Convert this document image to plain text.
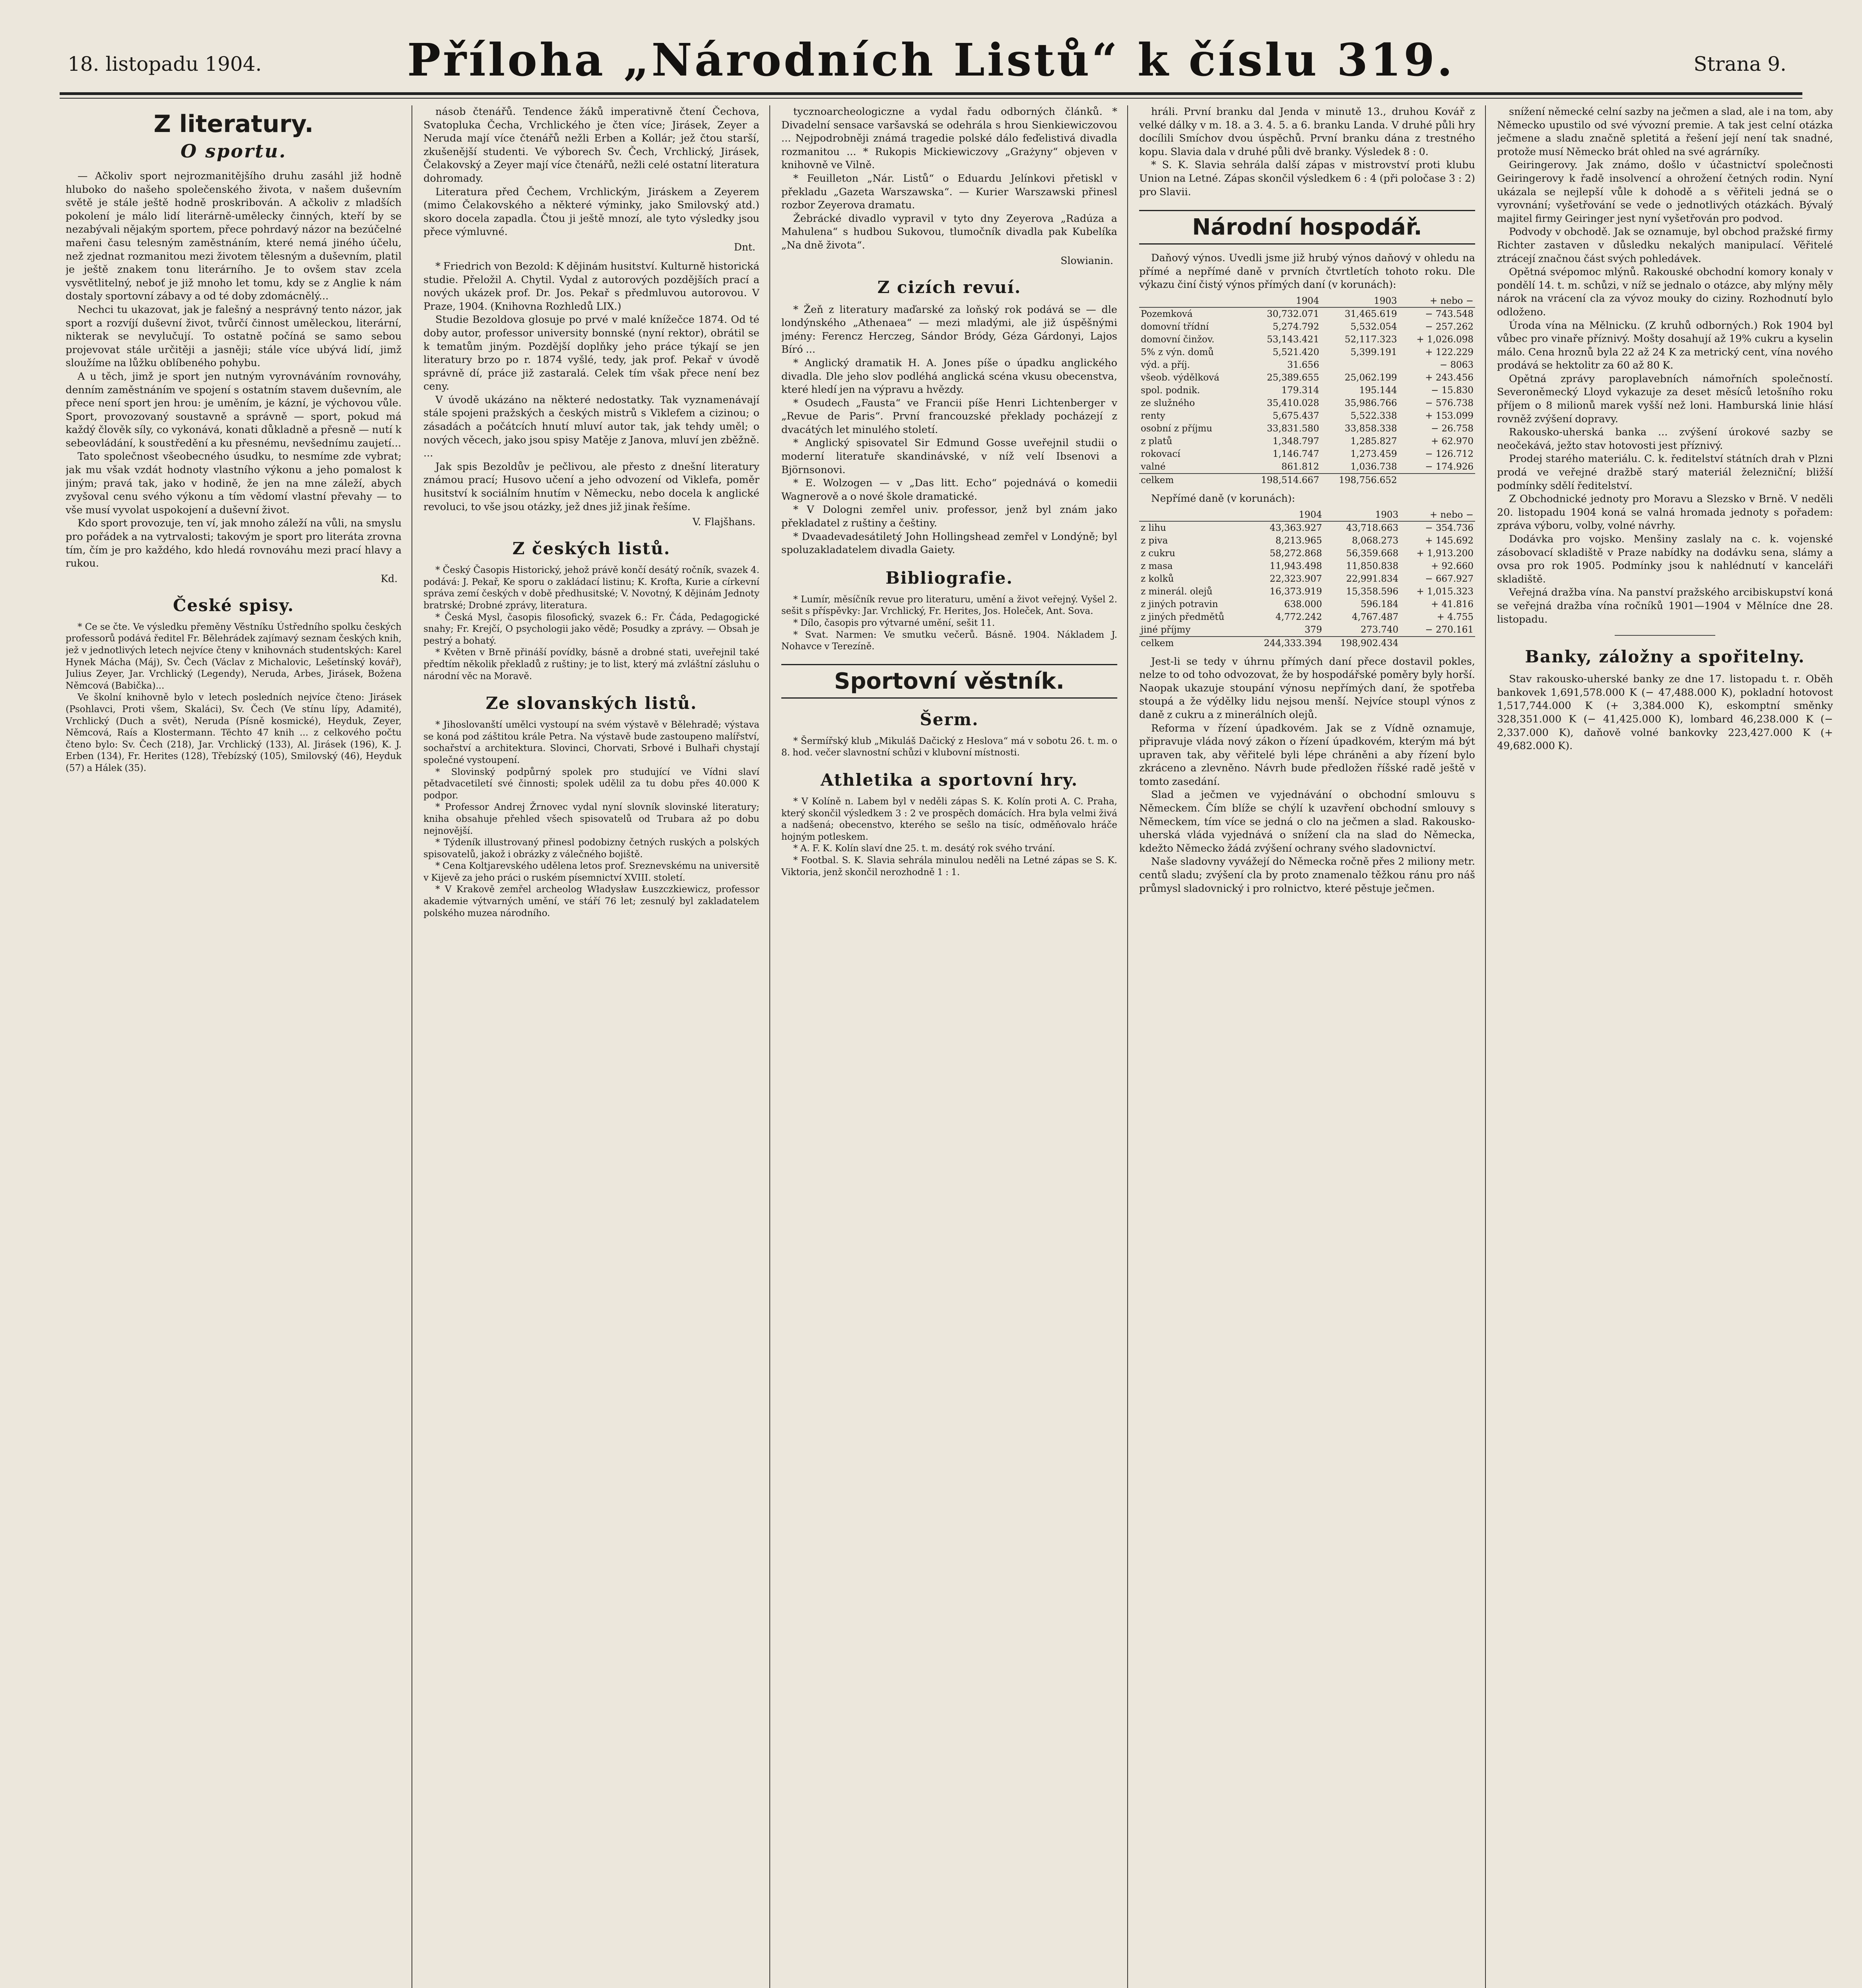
18. listopadu 1904.	Příloha „Národních Listů“ k číslu 319.	Strana 9.
Z literatury.
O sportu.

— Ačkoliv sport nejrozmanitějšího druhu zasáhl již hodně hluboko do našeho společenského života, v našem duševním světě je stále ještě hodně proskribován. A ačkoliv z mladších pokolení je málo lidí literárně-umělecky činných, kteří by se nezabývali nějakým sportem, přece pohrdavý názor na bezúčelné mařeni času telesným zaměstnáním, které nemá jiného účelu, než zjednat rozmanitou mezi životem tělesným a duševním, platil je ještě znakem tonu literárního. Je to ovšem stav zcela vysvětlitelný, neboť je již mnoho let tomu, kdy se z Anglie k nám dostaly sportovní zábavy a od té doby zdomácnělý...

Nechci tu ukazovat, jak je falešný a nesprávný tento názor, jak sport a rozvíjí duševní život, tvůrčí činnost uměleckou, literární, nikterak se nevylučují. To ostatně počíná se samo sebou projevovat stále určitěji a jasněji; stále více ubývá lidí, jimž sloužíme na lůžku oblíbeného pohybu.

A u těch, jimž je sport jen nutným vyrovnáváním rovnováhy, denním zaměstnáním ve spojení s ostatním stavem duševním, ale přece není sport jen hrou: je uměním, je kázní, je výchovou vůle. Sport, provozovaný soustavně a správně — sport, pokud má každý člověk síly, co vykonává, konati důkladně a přesně — nutí k sebeovládání, k soustředění a ku přesnému, nevšednímu zaujetí...

Tato společnost všeobecného úsudku, to nesmíme zde vybrat; jak mu však vzdát hodnoty vlastního výkonu a jeho pomalost k jiným; pravá tak, jako v hodině, že jen na mne záleží, abych zvyšoval cenu svého výkonu a tím vědomí vlastní převahy — to vše musí vyvolat uspokojení a duševní život.

Kdo sport provozuje, ten ví, jak mnoho záleží na vůli, na smyslu pro pořádek a na vytrvalosti; takovým je sport pro literáta zrovna tím, čím je pro každého, kdo hledá rovnováhu mezi prací hlavy a rukou.

Kd.
České spisy.

* Ce se čte. Ve výsledku přeměny Věstníku Ústředního spolku českých professorů podává ředitel Fr. Bělehrádek zajímavý seznam českých knih, jež v jednotlivých letech nejvíce čteny v knihovnách studentských: Karel Hynek Mácha (Máj), Sv. Čech (Václav z Michalovic, Lešetínský kovář), Julius Zeyer, Jar. Vrchlický (Legendy), Neruda, Arbes, Jirásek, Božena Němcová (Babička)...

Ve školní knihovně bylo v letech posledních nejvíce čteno: Jirásek (Psohlavci, Proti všem, Skaláci), Sv. Čech (Ve stínu lípy, Adamité), Vrchlický (Duch a svět), Neruda (Písně kosmické), Heyduk, Zeyer, Němcová, Raís a Klostermann. Těchto 47 knih ... z celkového počtu čteno bylo: Sv. Čech (218), Jar. Vrchlický (133), Al. Jirásek (196), K. J. Erben (134), Fr. Herites (128), Třebízský (105), Smilovský (46), Heyduk (57) a Hálek (35).

násob čtenářů. Tendence žáků imperativně čtení Čechova, Svatopluka Čecha, Vrchlického je čten více; Jirásek, Zeyer a Neruda mají více čtenářů nežli Erben a Kollár; jež čtou starší, zkušenější studenti. Ve výborech Sv. Čech, Vrchlický, Jirásek, Čelakovský a Zeyer mají více čtenářů, nežli celé ostatní literatura dohromady.

Literatura před Čechem, Vrchlickým, Jiráskem a Zeyerem (mimo Čelakovského a některé výminky, jako Smilovský atd.) skoro docela zapadla. Čtou ji ještě mnozí, ale tyto výsledky jsou přece výmluvné.

Dnt.

* Friedrich von Bezold: K dějinám husitství. Kulturně historická studie. Přeložil A. Chytil. Vydal z autorových pozdějších prací a nových ukázek prof. Dr. Jos. Pekař s předmluvou autorovou. V Praze, 1904. (Knihovna Rozhledů LIX.)

Studie Bezoldova glosuje po prvé v malé knížečce 1874. Od té doby autor, professor university bonnské (nyní rektor), obrátil se k tematům jiným. Pozdější doplňky jeho práce týkají se jen literatury brzo po r. 1874 vyšlé, tedy, jak prof. Pekař v úvodě správně dí, práce již zastaralá. Celek tím však přece není bez ceny.

V úvodě ukázáno na některé nedostatky. Tak vyznamenávají stále spojeni pražských a českých mistrů s Viklefem a cizinou; o zásadách a počátcích hnutí mluví autor tak, jak tehdy uměl; o nových věcech, jako jsou spisy Matěje z Janova, mluví jen zběžně. ...

Jak spis Bezoldův je pečlivou, ale přesto z dnešní literatury známou prací; Husovo učení a jeho odvození od Viklefa, poměr husitství k sociálním hnutím v Německu, nebo docela k anglické revoluci, to vše jsou otázky, jež dnes již jinak řešíme.

V. Flajšhans.
Z českých listů.

* Český Časopis Historický, jehož právě končí desátý ročník, svazek 4. podává: J. Pekař, Ke sporu o zakládací listinu; K. Krofta, Kurie a církevní správa zemí českých v době předhusitské; V. Novotný, K dějinám Jednoty bratrské; Drobné zprávy, literatura.

* Česká Mysl, časopis filosofický, svazek 6.: Fr. Čáda, Pedagogické snahy; Fr. Krejčí, O psychologii jako vědě; Posudky a zprávy. — Obsah je pestrý a bohatý.

* Květen v Brně přináší povídky, básně a drobné stati, uveřejnil také předtím několik překladů z ruštiny; je to list, který má zvláštní zásluhu o národní věc na Moravě.

Ze slovanských listů.

* Jihoslovanští umělci vystoupí na svém výstavě v Bělehradě; výstava se koná pod záštitou krále Petra. Na výstavě bude zastoupeno malířství, sochařství a architektura. Slovinci, Chorvati, Srbové i Bulhaři chystají společné vystoupení.

* Slovinský podpůrný spolek pro studující ve Vídni slaví pětadvacetiletí své činnosti; spolek udělil za tu dobu přes 40.000 K podpor.

* Professor Andrej Žrnovec vydal nyní slovník slovinské literatury; kniha obsahuje přehled všech spisovatelů od Trubara až po dobu nejnovější.

* Týdeník illustrovaný přinesl podobizny četných ruských a polských spisovatelů, jakož i obrázky z válečného bojiště.

* Cena Koltjarevského udělena letos prof. Sreznevskému na universitě v Kijevě za jeho práci o ruském písemnictví XVIII. století.

* V Krakově zemřel archeolog Władysław Łuszczkiewicz, professor akademie výtvarných umění, ve stáří 76 let; zesnulý byl zakladatelem polského muzea národního.

tycznoarcheologiczne a vydal řadu odborných článků. * Divadelní sensace varšavská se odehrála s hrou Sienkiewiczovou ... Nejpodrobněji známá tragedie polské dálo feďelistivá divadla rozmanitou ... * Rukopis Mickiewiczovy „Grażyny“ objeven v knihovně ve Vilně.

* Feuilleton „Nár. Listů“ o Eduardu Jelínkovi přetiskl v překladu „Gazeta Warszawska“. — Kurier Warszawski přinesl rozbor Zeyerova dramatu.

Žebrácké divadlo vypravil v tyto dny Zeyerova „Radúza a Mahulena“ s hudbou Sukovou, tlumočník divadla pak Kubelíka „Na dně života“.

Slowianin.
Z cizích revuí.

* Žeň z literatury maďarské za loňský rok podává se — dle londýnského „Athenaea“ — mezi mladými, ale již úspěšnými jmény: Ferencz Herczeg, Sándor Bródy, Géza Gárdonyi, Lajos Bíró ...

* Anglický dramatik H. A. Jones píše o úpadku anglického divadla. Dle jeho slov podléhá anglická scéna vkusu obecenstva, které hledí jen na výpravu a hvězdy.

* Osudech „Fausta“ ve Francii píše Henri Lichtenberger v „Revue de Paris“. První francouzské překlady pocházejí z dvacátých let minulého století.

* Anglický spisovatel Sir Edmund Gosse uveřejnil studii o moderní literatuře skandinávské, v níž velí Ibsenovi a Björnsonovi.

* E. Wolzogen — v „Das litt. Echo“ pojednává o komedii Wagnerově a o nové škole dramatické.

* V Dologni zemřel univ. professor, jenž byl znám jako překladatel z ruštiny a češtiny.

* Dvaadevadesátiletý John Hollingshead zemřel v Londýně; byl spoluzakladatelem divadla Gaiety.

Bibliografie.

* Lumír, měsíčník revue pro literaturu, umění a život veřejný. Vyšel 2. sešit s příspěvky: Jar. Vrchlický, Fr. Herites, Jos. Holeček, Ant. Sova.

* Dílo, časopis pro výtvarné umění, sešit 11.

* Svat. Narmen: Ve smutku večerů. Básně. 1904. Nákladem J. Nohavce v Terezíně.

Sportovní věstník.
Šerm.

* Šermířský klub „Mikuláš Dačický z Heslova“ má v sobotu 26. t. m. o 8. hod. večer slavnostní schůzi v klubovní místnosti.

Athletika a sportovní hry.

* V Kolíně n. Labem byl v neděli zápas S. K. Kolín proti A. C. Praha, který skončil výsledkem 3 : 2 ve prospěch domácích. Hra byla velmi živá a nadšená; obecenstvo, kterého se sešlo na tisíc, odměňovalo hráče hojným potleskem.

* A. F. K. Kolín slaví dne 25. t. m. desátý rok svého trvání.

* Footbal. S. K. Slavia sehrála minulou neděli na Letné zápas se S. K. Viktoria, jenž skončil nerozhodně 1 : 1.

hráli. První branku dal Jenda v minutě 13., druhou Kovář z velké dálky v m. 18. a 3. 4. 5. a 6. branku Landa. V druhé půli hry docílili Smíchov dvou úspěchů. První branku dána z trestného kopu. Slavia dala v druhé půli dvě branky. Výsledek 8 : 0.

* S. K. Slavia sehrála další zápas v mistrovství proti klubu Union na Letné. Zápas skončil výsledkem 6 : 4 (při poločase 3 : 2) pro Slavii.

Národní hospodář.

Daňový výnos. Uvedli jsme již hrubý výnos daňový v ohledu na přímé a nepřímé daně v prvních čtvrtletích tohoto roku. Dle výkazu činí čistý výnos přímých daní (v korunách):

	1904	1903	+ nebo −
Pozemková	30,732.071	31,465.619	− 743.548
domovní třídní	5,274.792	5,532.054	− 257.262
domovní činžov.	53,143.421	52,117.323	+ 1,026.098
5% z výn. domů	5,521.420	5,399.191	+ 122.229
výd. a příj.	31.656		− 8063
všeob. výdělková	25,389.655	25,062.199	+ 243.456
spol. podnik.	179.314	195.144	− 15.830
ze služného	35,410.028	35,986.766	− 576.738
renty	5,675.437	5,522.338	+ 153.099
osobní z příjmu	33,831.580	33,858.338	− 26.758
z platů	1,348.797	1,285.827	+ 62.970
rokovací	1,146.747	1,273.459	− 126.712
valné	861.812	1,036.738	− 174.926
celkem	198,514.667	198,756.652	

Nepřímé daně (v korunách):

	1904	1903	+ nebo −
z lihu	43,363.927	43,718.663	− 354.736
z piva	8,213.965	8,068.273	+ 145.692
z cukru	58,272.868	56,359.668	+ 1,913.200
z masa	11,943.498	11,850.838	+ 92.660
z kolků	22,323.907	22,991.834	− 667.927
z minerál. olejů	16,373.919	15,358.596	+ 1,015.323
z jiných potravin	638.000	596.184	+ 41.816
z jiných předmětů	4,772.242	4,767.487	+ 4.755
jiné příjmy	379	273.740	− 270.161
celkem	244,333.394	198,902.434	

Jest-li se tedy v úhrnu přímých daní přece dostavil pokles, nelze to od toho odvozovat, že by hospodářské poměry byly horší. Naopak ukazuje stoupání výnosu nepřímých daní, že spotřeba stoupá a že výdělky lidu nejsou menší. Nejvíce stoupl výnos z daně z cukru a z minerálních olejů.

Reforma v řízení úpadkovém. Jak se z Vídně oznamuje, připravuje vláda nový zákon o řízení úpadkovém, kterým má být upraven tak, aby věřitelé byli lépe chráněni a aby řízení bylo zkráceno a zlevněno. Návrh bude předložen říšské radě ještě v tomto zasedání.

Slad a ječmen ve vyjednávání o obchodní smlouvu s Německem. Čím blíže se chýlí k uzavření obchodní smlouvy s Německem, tím více se jedná o clo na ječmen a slad. Rakousko-uherská vláda vyjednává o snížení cla na slad do Německa, kdežto Německo žádá zvýšení ochrany svého sladovnictví.

Naše sladovny vyvážejí do Německa ročně přes 2 miliony metr. centů sladu; zvýšení cla by proto znamenalo těžkou ránu pro náš průmysl sladovnický i pro rolnictvo, které pěstuje ječmen.

snížení německé celní sazby na ječmen a slad, ale i na tom, aby Německo upustilo od své vývozní premie. A tak jest celní otázka ječmene a sladu značně spletitá a řešení její není tak snadné, protože musí Německo brát ohled na své agrárníky.

Geiringerovy. Jak známo, došlo v účastnictví společnosti Geiringerovy k řadě insolvencí a ohrožení četných rodin. Nyní ukázala se nejlepší vůle k dohodě a s věřiteli jedná se o vyrovnání; vyšetřování se vede o jednotlivých otázkách. Bývalý majitel firmy Geiringer jest nyní vyšetřován pro podvod.

Podvody v obchodě. Jak se oznamuje, byl obchod pražské firmy Richter zastaven v důsledku nekalých manipulací. Věřitelé ztrácejí značnou část svých pohledávek.

Opětná svépomoc mlýnů. Rakouské obchodní komory konaly v pondělí 14. t. m. schůzi, v níž se jednalo o otázce, aby mlýny měly nárok na vrácení cla za vývoz mouky do ciziny. Rozhodnutí bylo odloženo.

Úroda vína na Mělnicku. (Z kruhů odborných.) Rok 1904 byl vůbec pro vinaře příznivý. Mošty dosahují až 19% cukru a kyselin málo. Cena hroznů byla 22 až 24 K za metrický cent, vína nového prodává se hektolitr za 60 až 80 K.

Opětná zprávy paroplavebních námořních společností. Severoněmecký Lloyd vykazuje za deset měsíců letošního roku příjem o 8 milionů marek vyšší než loni. Hamburská linie hlásí rovněž zvýšení dopravy.

Rakousko-uherská banka ... zvýšení úrokové sazby se neočekává, ježto stav hotovosti jest příznivý.

Prodej starého materiálu. C. k. ředitelství státních drah v Plzni prodá ve veřejné dražbě starý materiál železniční; bližší podmínky sdělí ředitelství.

Z Obchodnické jednoty pro Moravu a Slezsko v Brně. V neděli 20. listopadu 1904 koná se valná hromada jednoty s pořadem: zpráva výboru, volby, volné návrhy.

Dodávka pro vojsko. Menšiny zaslaly na c. k. vojenské zásobovací skladiště v Praze nabídky na dodávku sena, slámy a ovsa pro rok 1905. Podmínky jsou k nahlédnutí v kanceláři skladiště.

Veřejná dražba vína. Na panství pražského arcibiskupství koná se veřejná dražba vína ročníků 1901—1904 v Mělníce dne 28. listopadu.

Banky, záložny a spořitelny.

Stav rakousko-uherské banky ze dne 17. listopadu t. r. Oběh bankovek 1,691,578.000 K (− 47,488.000 K), pokladní hotovost 1,517,744.000 K (+ 3,384.000 K), eskomptní směnky 328,351.000 K (− 41,425.000 K), lombard 46,238.000 K (− 2,337.000 K), daňově volné bankovky 223,427.000 K (+ 49,682.000 K).
